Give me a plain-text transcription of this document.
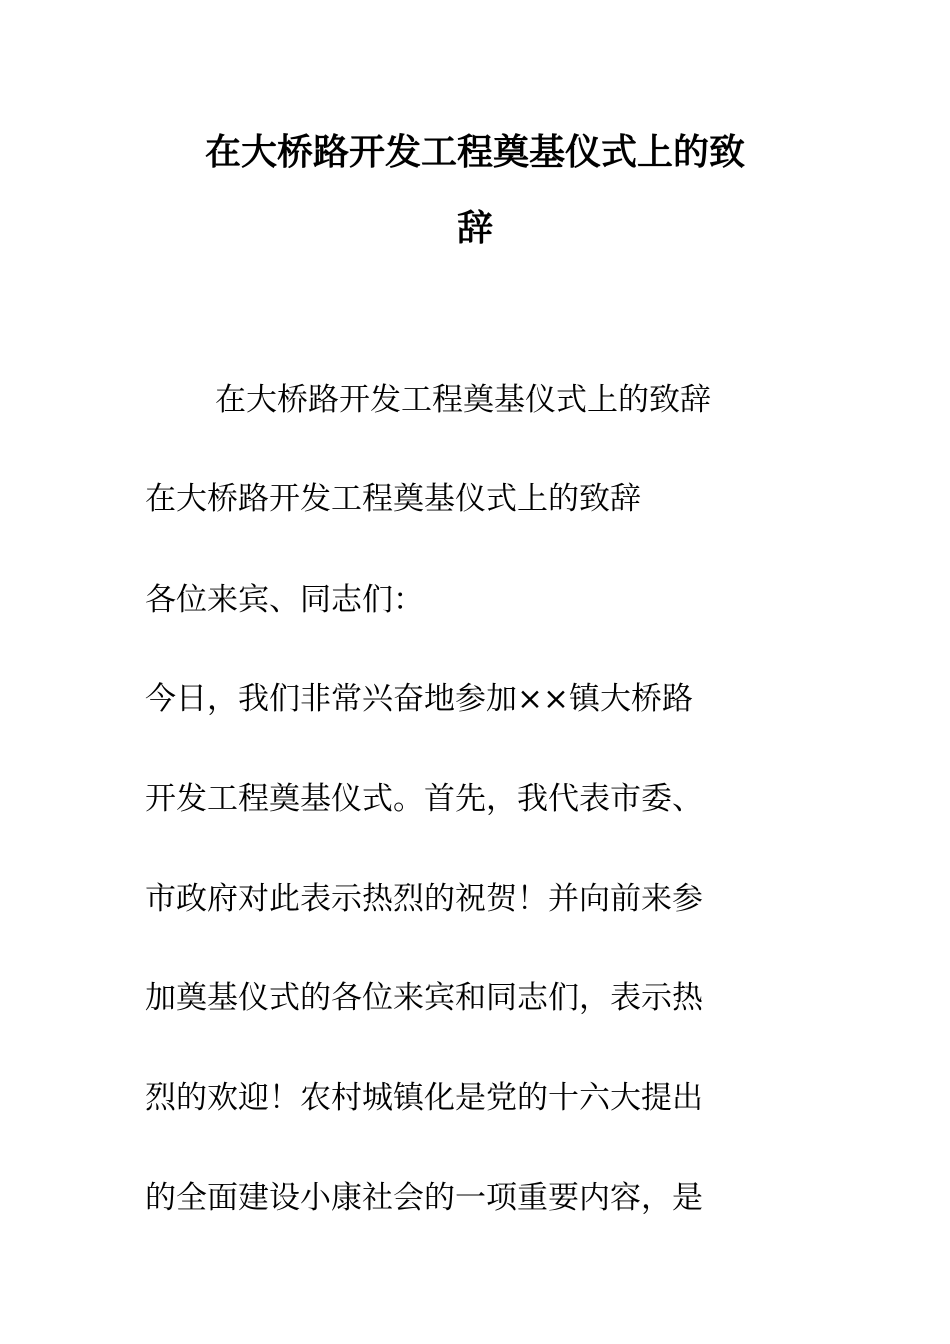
在大桥路开发工程奠基仪式上的致
辞

在大桥路开发工程奠基仪式上的致辞

在大桥路开发工程奠基仪式上的致辞

各位来宾、同志们：

今日，我们非常兴奋地参加××镇大桥路

开发工程奠基仪式。首先，我代表市委、

市政府对此表示热烈的祝贺！并向前来参

加奠基仪式的各位来宾和同志们，表示热

烈的欢迎！农村城镇化是党的十六大提出

的全面建设小康社会的一项重要内容，是
